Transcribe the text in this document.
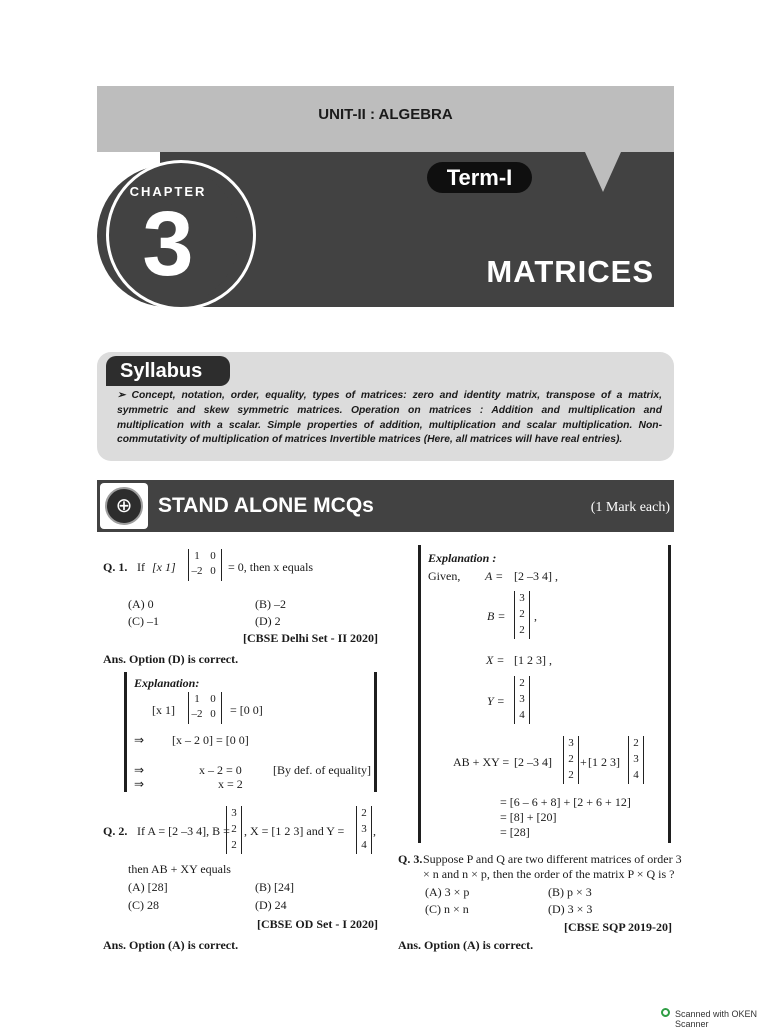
UNIT-II : ALGEBRA
CHAPTER
3
Term-I
MATRICES
Syllabus
➢ Concept, notation, order, equality, types of matrices: zero and identity matrix, transpose of a matrix, symmetric and skew symmetric matrices. Operation on matrices : Addition and multiplication and multiplication with a scalar. Simple properties of addition, multiplication and scalar multiplication. Non-commutativity of multiplication of matrices Invertible matrices (Here, all matrices will have real entries).
⊕	STAND ALONE MCQs	(1 Mark each)
Q. 1. If [x 1]
1 0
–2 0	= 0, then x equals
(A) 0	(B) –2
(C) –1	(D) 2
[CBSE Delhi Set - II 2020]
Ans. Option (D) is correct.
Explanation:
[x 1]
1 0
–2 0	= [0 0]
⇒ [x – 2 0] = [0 0]
⇒	x – 2 = 0	[By def. of equality]
⇒	x = 2
Q. 2. If A = [2 –3 4], B =
3
2
2
, X = [1 2 3] and Y =
2
3
4
,
then AB + XY equals
(A) [28]	(B) [24]
(C) 28	(D) 24
[CBSE OD Set - I 2020]
Ans. Option (A) is correct.
Explanation :
Given, A = [2 –3 4] ,
B =
3
2
2
,
X = [1 2 3] ,
Y =
2
3
4
AB + XY = [2 –3 4]
3
2
2
+ [1 2 3]
2
3
4
= [6 – 6 + 8] + [2 + 6 + 12]
= [8] + [20]
= [28]
Q. 3. Suppose P and Q are two different matrices of order 3
× n and n × p, then the order of the matrix P × Q is ?
(A) 3 × p	(B) p × 3
(C) n × n	(D) 3 × 3
[CBSE SQP 2019-20]
Ans. Option (A) is correct.
Scanned with OKEN Scanner
